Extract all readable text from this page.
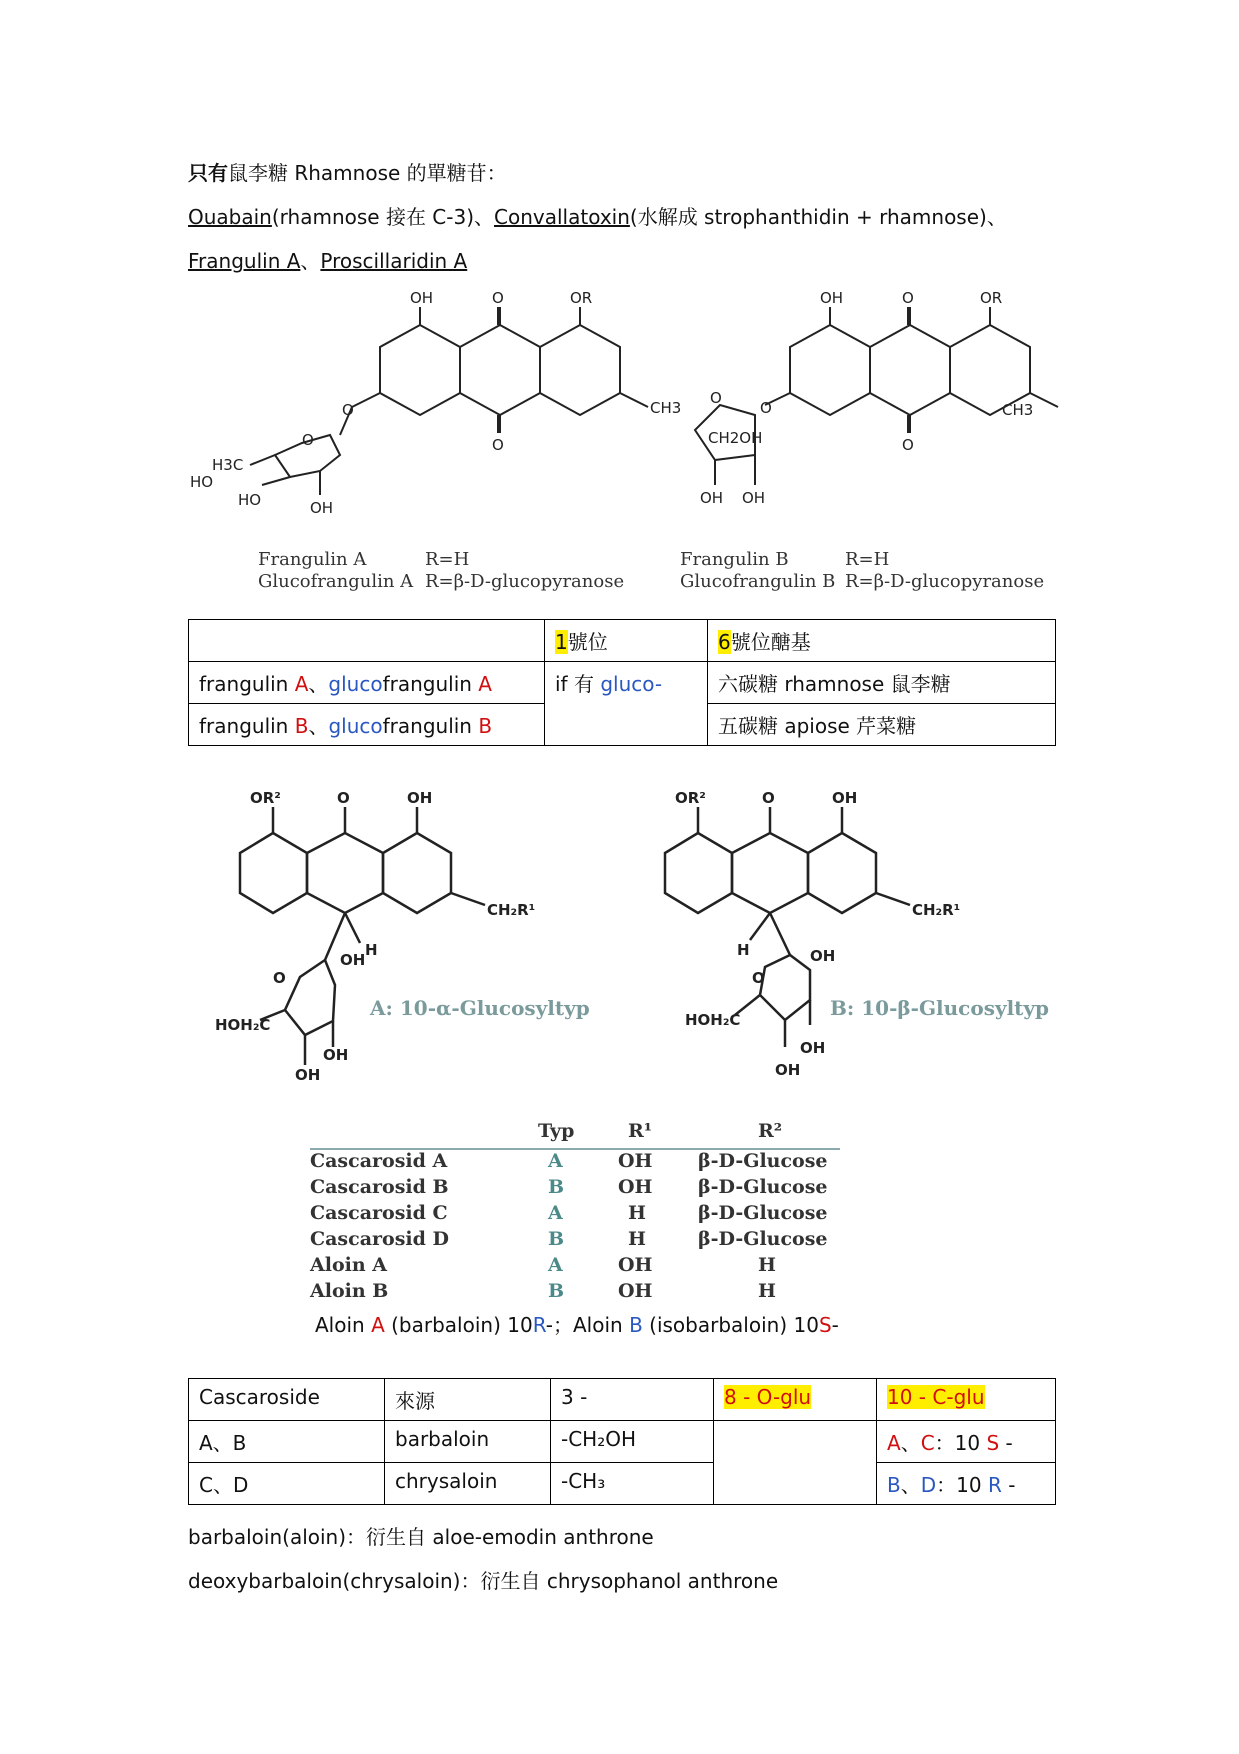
只有鼠李糖 Rhamnose 的單糖苷：
Ouabain(rhamnose 接在 C-3)、Convallatoxin(水解成 strophanthidin + rhamnose)、
Frangulin A、Proscillaridin A
OH	O	OR
CH3
O
O
O
H3C
HO
HO	OH
Frangulin A	R=H
Glucofrangulin A R=β-D-glucopyranose
OH	O	OR
CH3
O
O
O
CH2OH
OH OH
Frangulin B	R=H
Glucofrangulin B R=β-D-glucopyranose
	1號位	6號位醣基
frangulin A、glucofrangulin A	if 有 gluco-	六碳糖 rhamnose 鼠李糖
frangulin B、glucofrangulin B		五碳糖 apiose 芹菜糖
OR²	O	OH
CH₂R¹
H
OH
O
HOH₂C
OH
OH
A: 10-α-Glucosyltyp
OR²	O	OH
CH₂R¹
H	OH
O
HOH₂C
OH
OH
B: 10-β-Glucosyltyp
Typ	R¹	R²
Cascarosid A	A	OH β-D-Glucose
Cascarosid B	B	OH β-D-Glucose
Cascarosid C	A	H	β-D-Glucose
Cascarosid D	B	H	β-D-Glucose
Aloin A	A	OH	H
Aloin B	B	OH	H
Aloin A (barbaloin) 10R-；Aloin B (isobarbaloin) 10S-
Cascaroside	來源	3 -	8 - O-glu	10 - C-glu
A、B	barbaloin	-CH₂OH		A、C：10 S -
C、D	chrysaloin	-CH₃		B、D：10 R -
barbaloin(aloin)：衍生自 aloe-emodin anthrone
deoxybarbaloin(chrysaloin)：衍生自 chrysophanol anthrone
